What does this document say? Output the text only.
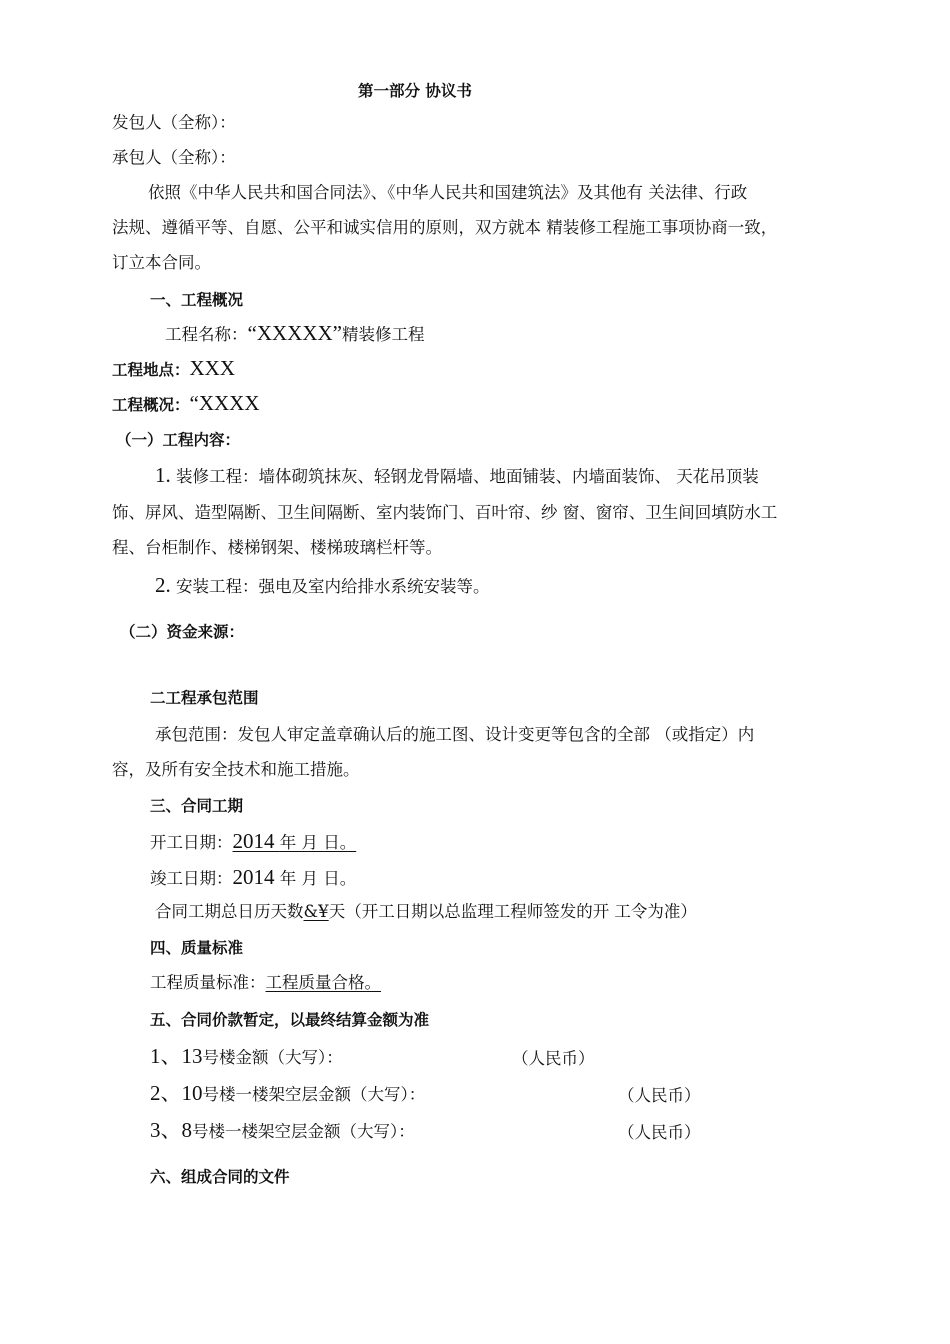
第一部分 协议书
发包人（全称）：
承包人（全称）：
依照《中华人民共和国合同法》、《中华人民共和国建筑法》及其他有 关法律、行政
法规、遵循平等、自愿、公平和诚实信用的原则，双方就本 精装修工程施工事项协商一致，
订立本合同。
一、工程概况
工程名称：“XXXXX”精装修工程
工程地点：XXX
工程概况：“XXXX
（一）工程内容：
1. 装修工程：墙体砌筑抹灰、轻钢龙骨隔墙、地面铺装、内墙面装饰、 天花吊顶装
饰、屏风、造型隔断、卫生间隔断、室内装饰门、百叶帘、纱 窗、窗帘、卫生间回填防水工
程、台柜制作、楼梯钢架、楼梯玻璃栏杆等。
2. 安装工程：强电及室内给排水系统安装等。
（二）资金来源：
二工程承包范围
承包范围：发包人审定盖章确认后的施工图、设计变更等包含的全部 （或指定）内
容，及所有安全技术和施工措施。
三、合同工期
开工日期：2014 年 月 日。
竣工日期：2014 年 月 日。
合同工期总日历天数&¥天（开工日期以总监理工程师签发的开 工令为准）
四、质量标准
工程质量标准：工程质量合格。
五、合同价款暂定，以最终结算金额为准
1、13号楼金额（大写）：	（人民币）
2、10号楼一楼架空层金额（大写）：	（人民币）
3、8号楼一楼架空层金额（大写）：	（人民币）
六、组成合同的文件
